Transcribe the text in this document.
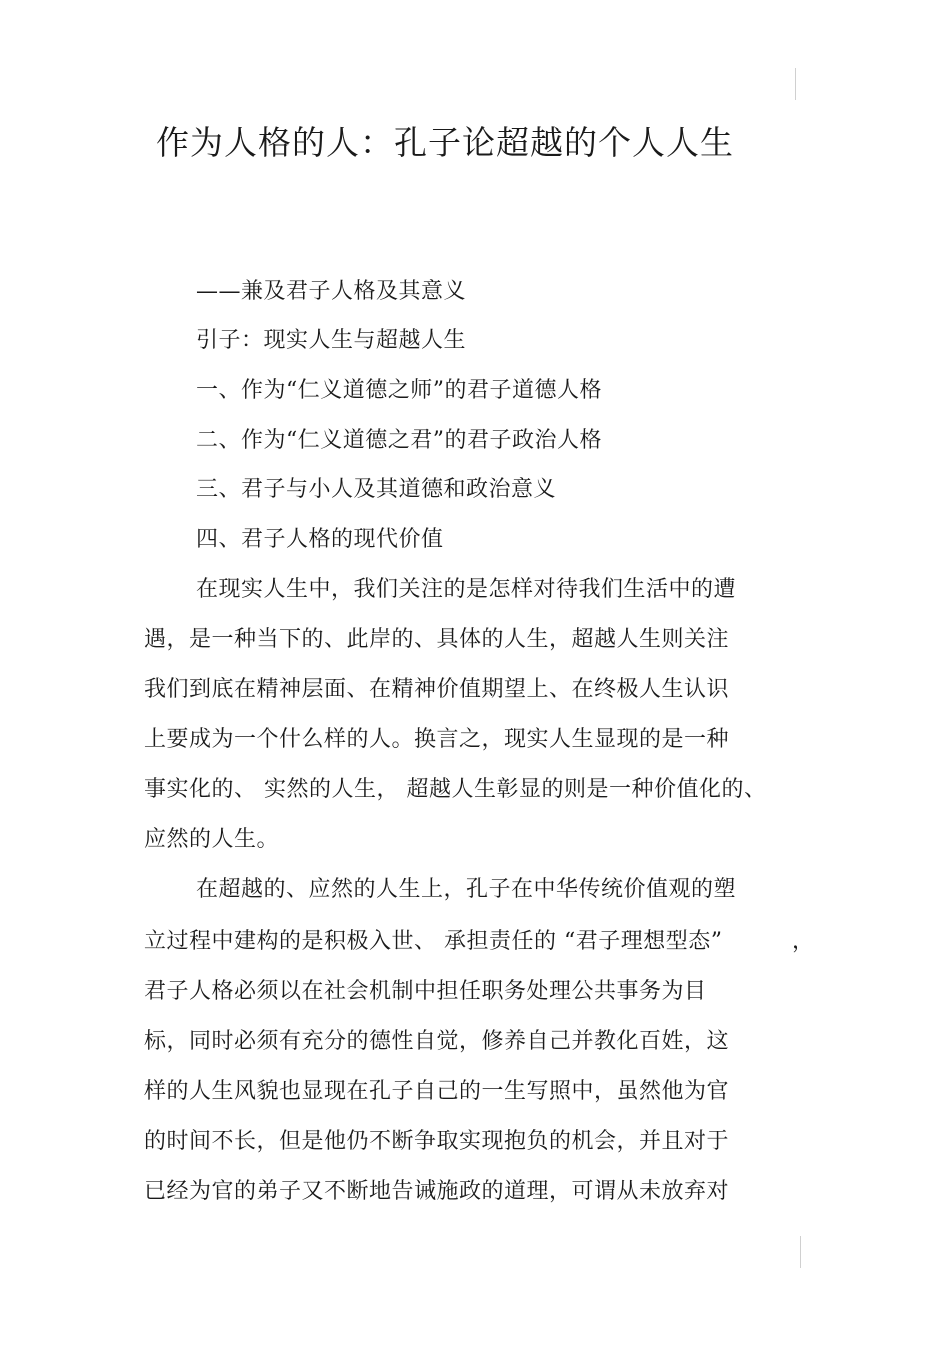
作为人格的人：孔子论超越的个人人生
——兼及君子人格及其意义
引子：现实人生与超越人生
一、作为“仁义道德之师”的君子道德人格
二、作为“仁义道德之君”的君子政治人格
三、君子与小人及其道德和政治意义
四、君子人格的现代价值
在现实人生中，我们关注的是怎样对待我们生活中的遭
遇，是一种当下的、此岸的、具体的人生，超越人生则关注
我们到底在精神层面、在精神价值期望上、在终极人生认识
上要成为一个什么样的人。换言之，现实人生显现的是一种
事实化的、 实然的人生， 超越人生彰显的则是一种价值化的、
应然的人生。
在超越的、应然的人生上，孔子在中华传统价值观的塑
立过程中建构的是积极入世、 承担责任的 “君子理想型态”	，
君子人格必须以在社会机制中担任职务处理公共事务为目
标，同时必须有充分的德性自觉，修养自己并教化百姓，这
样的人生风貌也显现在孔子自己的一生写照中，虽然他为官
的时间不长，但是他仍不断争取实现抱负的机会，并且对于
已经为官的弟子又不断地告诫施政的道理，可谓从未放弃对
